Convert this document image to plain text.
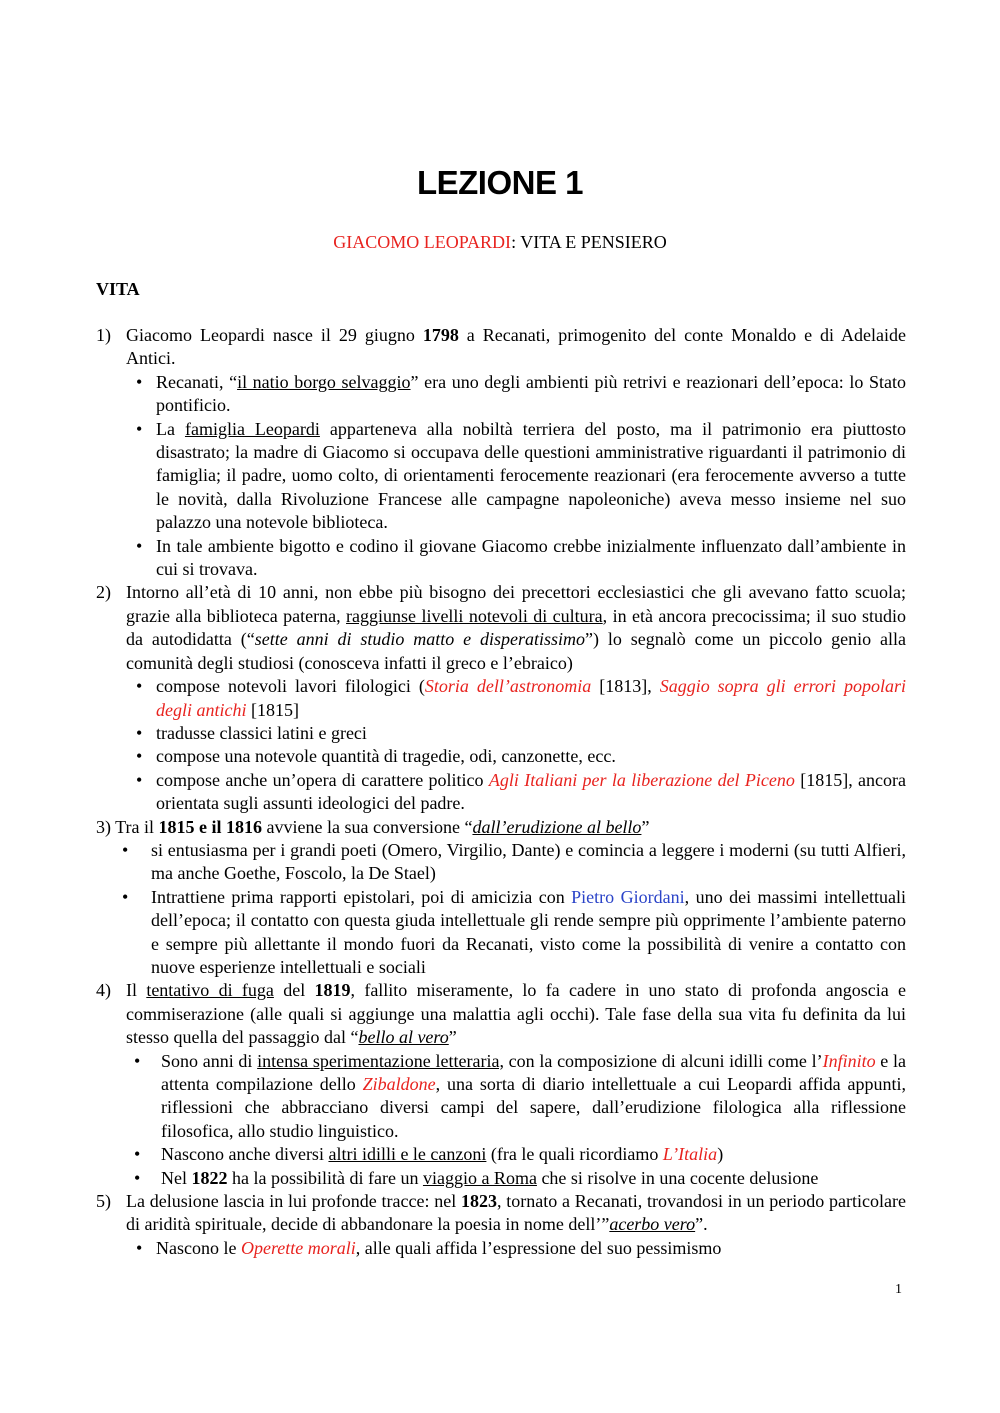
LEZIONE 1
GIACOMO LEOPARDI: VITA E PENSIERO
VITA
1) Giacomo Leopardi nasce il 29 giugno 1798 a Recanati, primogenito del conte Monaldo e di Adelaide Antici.
• Recanati, “il natio borgo selvaggio” era uno degli ambienti più retrivi e reazionari dell’epoca: lo Stato pontificio.
• La famiglia Leopardi apparteneva alla nobiltà terriera del posto, ma il patrimonio era piuttosto disastrato; la madre di Giacomo si occupava delle questioni amministrative riguardanti il patrimonio di famiglia; il padre, uomo colto, di orientamenti ferocemente reazionari (era ferocemente avverso a tutte le novità, dalla Rivoluzione Francese alle campagne napoleoniche) aveva messo insieme nel suo palazzo una notevole biblioteca.
• In tale ambiente bigotto e codino il giovane Giacomo crebbe inizialmente influenzato dall’ambiente in cui si trovava.
2) Intorno all’età di 10 anni, non ebbe più bisogno dei precettori ecclesiastici che gli avevano fatto scuola; grazie alla biblioteca paterna, raggiunse livelli notevoli di cultura, in età ancora precocissima; il suo studio da autodidatta (“sette anni di studio matto e disperatissimo”) lo segnalò come un piccolo genio alla comunità degli studiosi (conosceva infatti il greco e l’ebraico)
• compose notevoli lavori filologici (Storia dell’astronomia [1813], Saggio sopra gli errori popolari degli antichi [1815]
• tradusse classici latini e greci
• compose una notevole quantità di tragedie, odi, canzonette, ecc.
• compose anche un’opera di carattere politico Agli Italiani per la liberazione del Piceno [1815], ancora orientata sugli assunti ideologici del padre.
3) Tra il 1815 e il 1816 avviene la sua conversione “dall’erudizione al bello”
• si entusiasma per i grandi poeti (Omero, Virgilio, Dante) e comincia a leggere i moderni (su tutti Alfieri, ma anche Goethe, Foscolo, la De Stael)
• Intrattiene prima rapporti epistolari, poi di amicizia con Pietro Giordani, uno dei massimi intellettuali dell’epoca; il contatto con questa giuda intellettuale gli rende sempre più opprimente l’ambiente paterno e sempre più allettante il mondo fuori da Recanati, visto come la possibilità di venire a contatto con nuove esperienze intellettuali e sociali
4) Il tentativo di fuga del 1819, fallito miseramente, lo fa cadere in uno stato di profonda angoscia e commiserazione (alle quali si aggiunge una malattia agli occhi). Tale fase della sua vita fu definita da lui stesso quella del passaggio dal “bello al vero”
• Sono anni di intensa sperimentazione letteraria, con la composizione di alcuni idilli come l’Infinito e la attenta compilazione dello Zibaldone, una sorta di diario intellettuale a cui Leopardi affida appunti, riflessioni che abbracciano diversi campi del sapere, dall’erudizione filologica alla riflessione filosofica, allo studio linguistico.
• Nascono anche diversi altri idilli e le canzoni (fra le quali ricordiamo L’Italia)
• Nel 1822 ha la possibilità di fare un viaggio a Roma che si risolve in una cocente delusione
5) La delusione lascia in lui profonde tracce: nel 1823, tornato a Recanati, trovandosi in un periodo particolare di aridità spirituale, decide di abbandonare la poesia in nome dell’”acerbo vero”.
• Nascono le Operette morali, alle quali affida l’espressione del suo pessimismo
1
